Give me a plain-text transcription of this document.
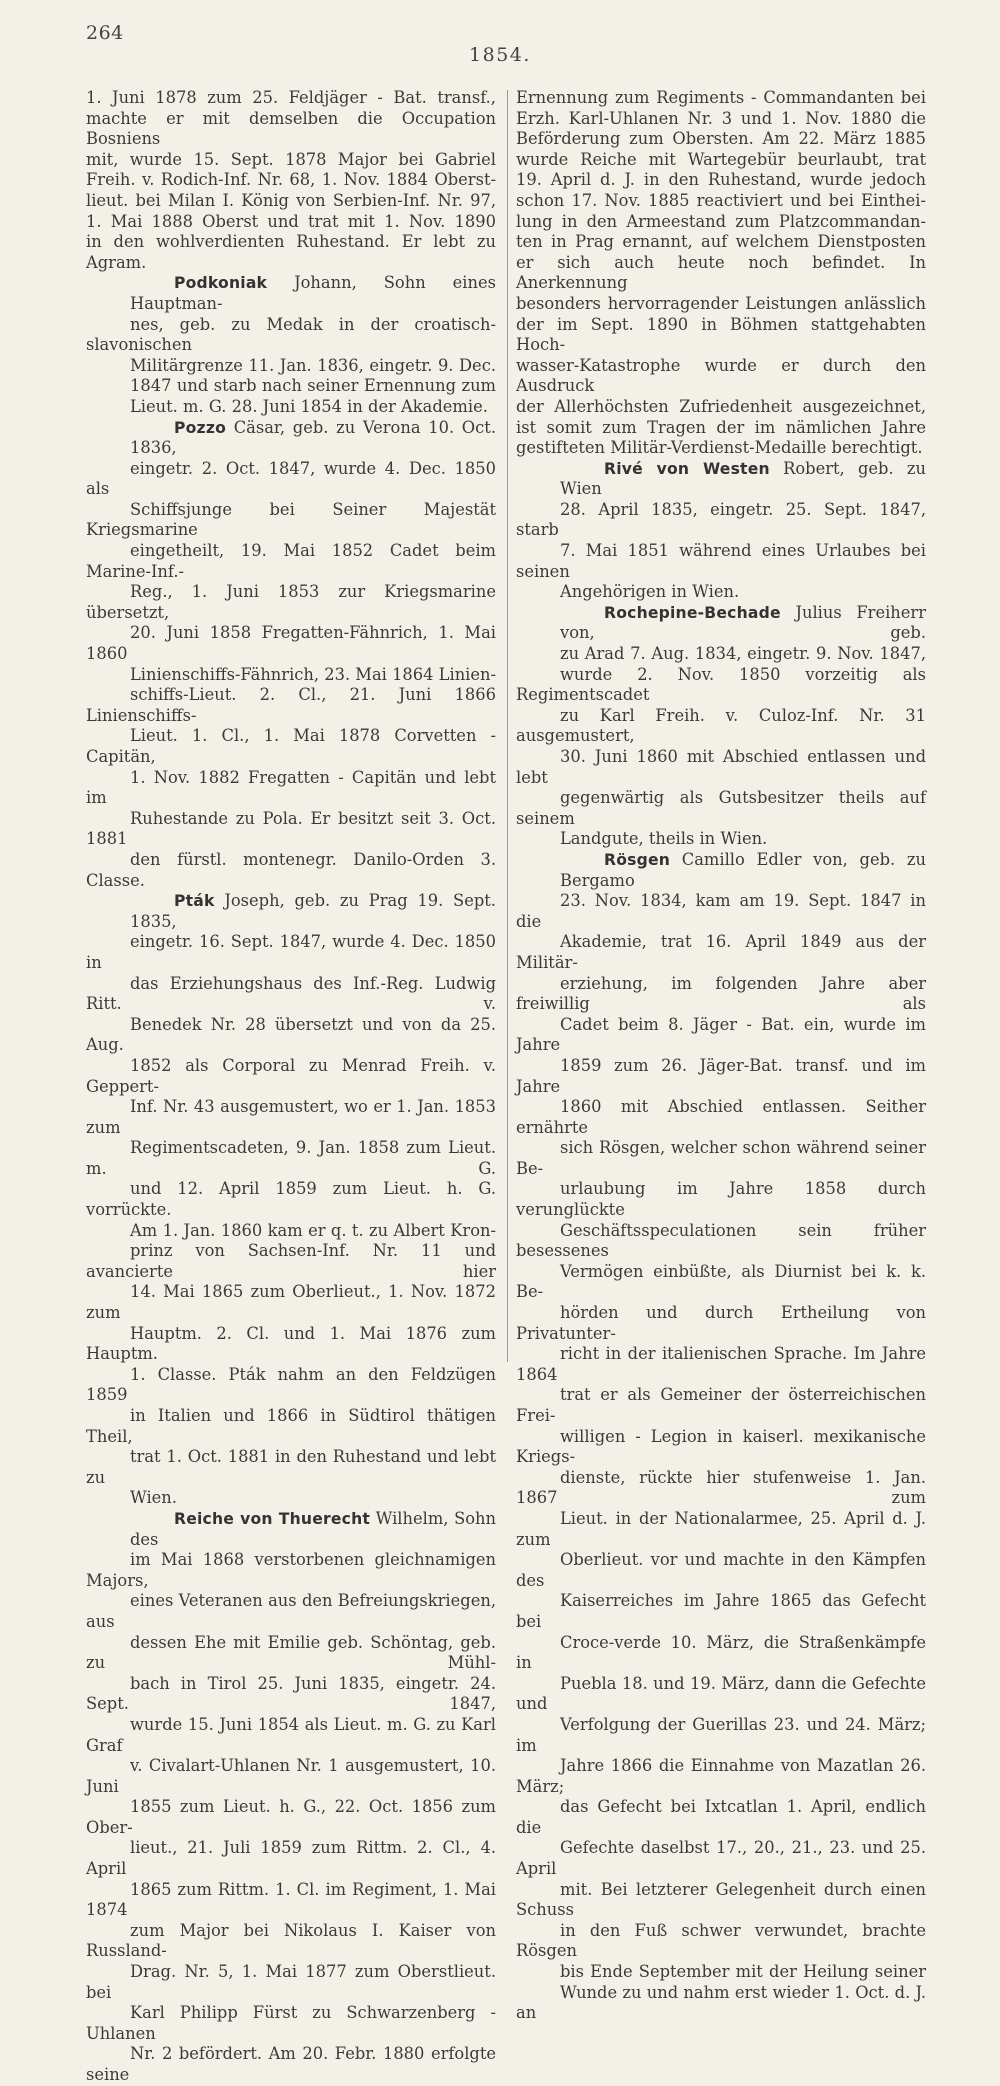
264
1854.
1. Juni 1878 zum 25. Feldjäger - Bat. transf.,
machte er mit demselben die Occupation Bosniens
mit, wurde 15. Sept. 1878 Major bei Gabriel
Freih. v. Rodich-Inf. Nr. 68, 1. Nov. 1884 Oberst-
lieut. bei Milan I. König von Serbien-Inf. Nr. 97,
1. Mai 1888 Oberst und trat mit 1. Nov. 1890
in den wohlverdienten Ruhestand. Er lebt zu
Agram.
Podkoniak Johann, Sohn eines Hauptman-
nes, geb. zu Medak in der croatisch-slavonischen
Militärgrenze 11. Jan. 1836, eingetr. 9. Dec.
1847 und starb nach seiner Ernennung zum
Lieut. m. G. 28. Juni 1854 in der Akademie.
Pozzo Cäsar, geb. zu Verona 10. Oct. 1836,
eingetr. 2. Oct. 1847, wurde 4. Dec. 1850 als
Schiffsjunge bei Seiner Majestät Kriegsmarine
eingetheilt, 19. Mai 1852 Cadet beim Marine-Inf.-
Reg., 1. Juni 1853 zur Kriegsmarine übersetzt,
20. Juni 1858 Fregatten-Fähnrich, 1. Mai 1860
Linienschiffs-Fähnrich, 23. Mai 1864 Linien-
schiffs-Lieut. 2. Cl., 21. Juni 1866 Linienschiffs-
Lieut. 1. Cl., 1. Mai 1878 Corvetten - Capitän,
1. Nov. 1882 Fregatten - Capitän und lebt im
Ruhestande zu Pola. Er besitzt seit 3. Oct. 1881
den fürstl. montenegr. Danilo-Orden 3. Classe.
Pták Joseph, geb. zu Prag 19. Sept. 1835,
eingetr. 16. Sept. 1847, wurde 4. Dec. 1850 in
das Erziehungshaus des Inf.-Reg. Ludwig Ritt. v.
Benedek Nr. 28 übersetzt und von da 25. Aug.
1852 als Corporal zu Menrad Freih. v. Geppert-
Inf. Nr. 43 ausgemustert, wo er 1. Jan. 1853 zum
Regimentscadeten, 9. Jan. 1858 zum Lieut. m. G.
und 12. April 1859 zum Lieut. h. G. vorrückte.
Am 1. Jan. 1860 kam er q. t. zu Albert Kron-
prinz von Sachsen-Inf. Nr. 11 und avancierte hier
14. Mai 1865 zum Oberlieut., 1. Nov. 1872 zum
Hauptm. 2. Cl. und 1. Mai 1876 zum Hauptm.
1. Classe. Pták nahm an den Feldzügen 1859
in Italien und 1866 in Südtirol thätigen Theil,
trat 1. Oct. 1881 in den Ruhestand und lebt zu
Wien.
Reiche von Thuerecht Wilhelm, Sohn des
im Mai 1868 verstorbenen gleichnamigen Majors,
eines Veteranen aus den Befreiungskriegen, aus
dessen Ehe mit Emilie geb. Schöntag, geb. zu Mühl-
bach in Tirol 25. Juni 1835, eingetr. 24. Sept. 1847,
wurde 15. Juni 1854 als Lieut. m. G. zu Karl Graf
v. Civalart-Uhlanen Nr. 1 ausgemustert, 10. Juni
1855 zum Lieut. h. G., 22. Oct. 1856 zum Ober-
lieut., 21. Juli 1859 zum Rittm. 2. Cl., 4. April
1865 zum Rittm. 1. Cl. im Regiment, 1. Mai 1874
zum Major bei Nikolaus I. Kaiser von Russland-
Drag. Nr. 5, 1. Mai 1877 zum Oberstlieut. bei
Karl Philipp Fürst zu Schwarzenberg - Uhlanen
Nr. 2 befördert. Am 20. Febr. 1880 erfolgte seine
Ernennung zum Regiments - Commandanten bei
Erzh. Karl-Uhlanen Nr. 3 und 1. Nov. 1880 die
Beförderung zum Obersten. Am 22. März 1885
wurde Reiche mit Wartegebür beurlaubt, trat
19. April d. J. in den Ruhestand, wurde jedoch
schon 17. Nov. 1885 reactiviert und bei Einthei-
lung in den Armeestand zum Platzcommandan-
ten in Prag ernannt, auf welchem Dienstposten
er sich auch heute noch befindet. In Anerkennung
besonders hervorragender Leistungen anlässlich
der im Sept. 1890 in Böhmen stattgehabten Hoch-
wasser-Katastrophe wurde er durch den Ausdruck
der Allerhöchsten Zufriedenheit ausgezeichnet,
ist somit zum Tragen der im nämlichen Jahre
gestifteten Militär-Verdienst-Medaille berechtigt.
Rivé von Westen Robert, geb. zu Wien
28. April 1835, eingetr. 25. Sept. 1847, starb
7. Mai 1851 während eines Urlaubes bei seinen
Angehörigen in Wien.
Rochepine-Bechade Julius Freiherr von, geb.
zu Arad 7. Aug. 1834, eingetr. 9. Nov. 1847,
wurde 2. Nov. 1850 vorzeitig als Regimentscadet
zu Karl Freih. v. Culoz-Inf. Nr. 31 ausgemustert,
30. Juni 1860 mit Abschied entlassen und lebt
gegenwärtig als Gutsbesitzer theils auf seinem
Landgute, theils in Wien.
Rösgen Camillo Edler von, geb. zu Bergamo
23. Nov. 1834, kam am 19. Sept. 1847 in die
Akademie, trat 16. April 1849 aus der Militär-
erziehung, im folgenden Jahre aber freiwillig als
Cadet beim 8. Jäger - Bat. ein, wurde im Jahre
1859 zum 26. Jäger-Bat. transf. und im Jahre
1860 mit Abschied entlassen. Seither ernährte
sich Rösgen, welcher schon während seiner Be-
urlaubung im Jahre 1858 durch verunglückte
Geschäftsspeculationen sein früher besessenes
Vermögen einbüßte, als Diurnist bei k. k. Be-
hörden und durch Ertheilung von Privatunter-
richt in der italienischen Sprache. Im Jahre 1864
trat er als Gemeiner der österreichischen Frei-
willigen - Legion in kaiserl. mexikanische Kriegs-
dienste, rückte hier stufenweise 1. Jan. 1867 zum
Lieut. in der Nationalarmee, 25. April d. J. zum
Oberlieut. vor und machte in den Kämpfen des
Kaiserreiches im Jahre 1865 das Gefecht bei
Croce-verde 10. März, die Straßenkämpfe in
Puebla 18. und 19. März, dann die Gefechte und
Verfolgung der Guerillas 23. und 24. März; im
Jahre 1866 die Einnahme von Mazatlan 26. März;
das Gefecht bei Ixtcatlan 1. April, endlich die
Gefechte daselbst 17., 20., 21., 23. und 25. April
mit. Bei letzterer Gelegenheit durch einen Schuss
in den Fuß schwer verwundet, brachte Rösgen
bis Ende September mit der Heilung seiner
Wunde zu und nahm erst wieder 1. Oct. d. J. an
